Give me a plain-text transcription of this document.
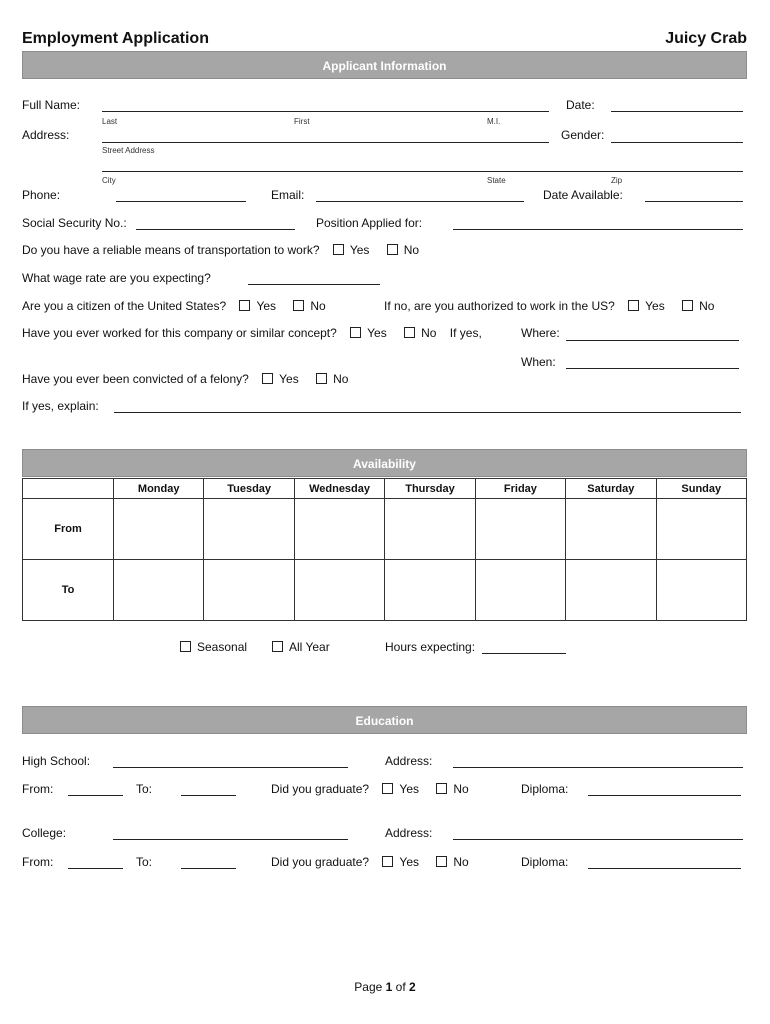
Employment Application	Juicy Crab
Applicant Information
Full Name:	Date:
Last	First	M.I.
Address:	Gender:
Street Address
City	State	Zip
Phone:	Email:	Date Available:
Social Security No.:	Position Applied for:
Do you have a reliable means of transportation to work?	Yes	No
What wage rate are you expecting?
Are you a citizen of the United States?	Yes	No	If no, are you authorized to work in the US?	Yes	No
Have you ever worked for this company or similar concept?	Yes	No If yes,	Where:
When:
Have you ever been convicted of a felony?	Yes	No
If yes, explain:
Availability
	Monday	Tuesday	Wednesday	Thursday	Friday	Saturday	Sunday
From							
To							
Seasonal	All Year	Hours expecting:
Education
High School:	Address:
From:	To:	Did you graduate?	Yes	No	Diploma:
College:	Address:
From:	To:	Did you graduate?	Yes	No	Diploma:
Page 1 of 2
